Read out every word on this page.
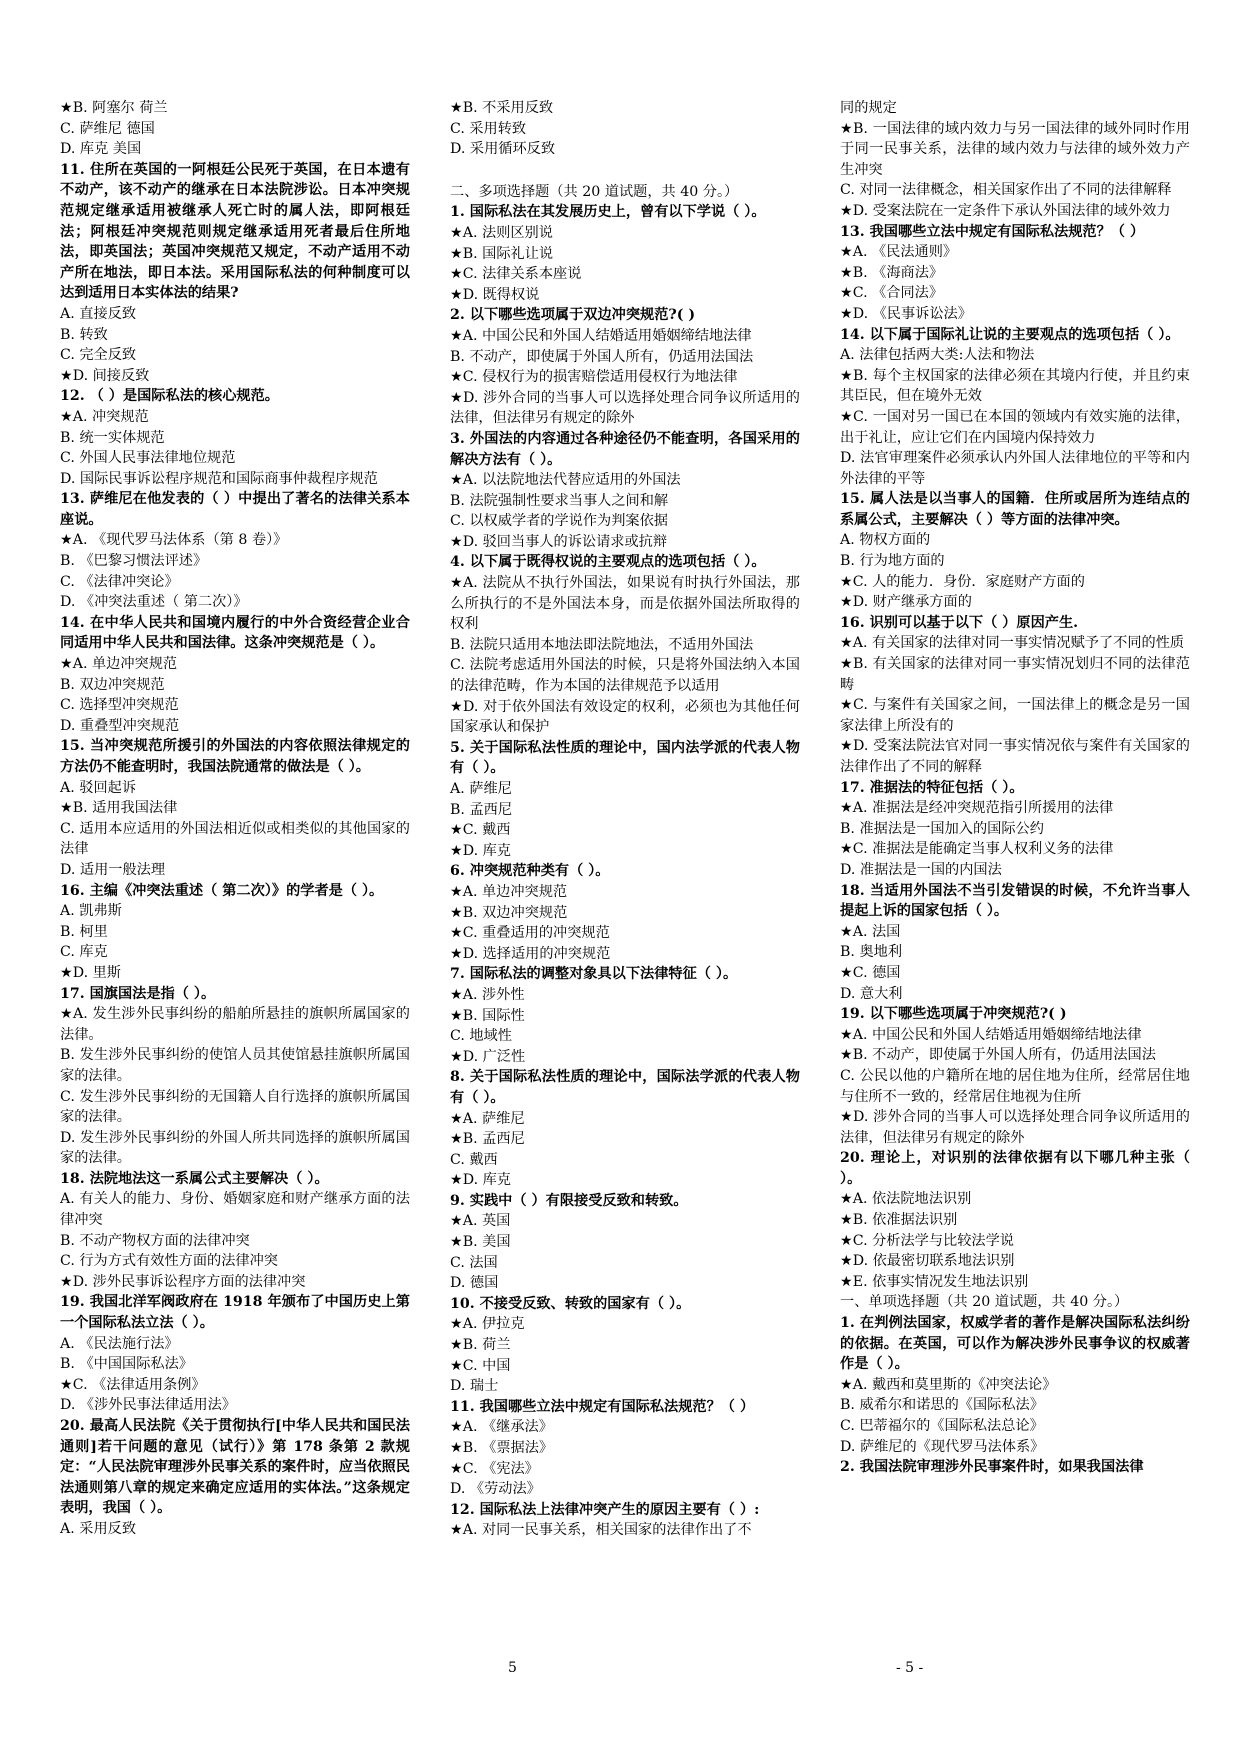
★B. 阿塞尔 荷兰
C. 萨维尼 德国
D. 库克 美国
11. 住所在英国的一阿根廷公民死于英国，在日本遗有不动产，该不动产的继承在日本法院涉讼。日本冲突规范规定继承适用被继承人死亡时的属人法，即阿根廷法；阿根廷冲突规范则规定继承适用死者最后住所地法，即英国法；英国冲突规范又规定，不动产适用不动产所在地法，即日本法。采用国际私法的何种制度可以达到适用日本实体法的结果?
A. 直接反致
B. 转致
C. 完全反致
★D. 间接反致
12. （ ）是国际私法的核心规范。
★A. 冲突规范
B. 统一实体规范
C. 外国人民事法律地位规范
D. 国际民事诉讼程序规范和国际商事仲裁程序规范
13. 萨维尼在他发表的（ ）中提出了著名的法律关系本座说。
★A. 《现代罗马法体系（第 8 卷）》
B. 《巴黎习惯法评述》
C. 《法律冲突论》
D. 《冲突法重述（ 第二次）》
14. 在中华人民共和国境内履行的中外合资经营企业合同适用中华人民共和国法律。这条冲突规范是（ ）。
★A. 单边冲突规范
B. 双边冲突规范
C. 选择型冲突规范
D. 重叠型冲突规范
15. 当冲突规范所援引的外国法的内容依照法律规定的方法仍不能查明时，我国法院通常的做法是（ ）。
A. 驳回起诉
★B. 适用我国法律
C. 适用本应适用的外国法相近似或相类似的其他国家的法律
D. 适用一般法理
16. 主编《冲突法重述（ 第二次）》的学者是（ ）。
A. 凯弗斯
B. 柯里
C. 库克
★D. 里斯
17. 国旗国法是指（ ）。
★A. 发生涉外民事纠纷的船舶所悬挂的旗帜所属国家的法律。
B. 发生涉外民事纠纷的使馆人员其使馆悬挂旗帜所属国家的法律。
C. 发生涉外民事纠纷的无国籍人自行选择的旗帜所属国家的法律。
D. 发生涉外民事纠纷的外国人所共同选择的旗帜所属国家的法律。
18. 法院地法这一系属公式主要解决（ ）。
A. 有关人的能力、身份、婚姻家庭和财产继承方面的法律冲突
B. 不动产物权方面的法律冲突
C. 行为方式有效性方面的法律冲突
★D. 涉外民事诉讼程序方面的法律冲突
19. 我国北洋军阀政府在 1918 年颁布了中国历史上第一个国际私法立法（ ）。
A. 《民法施行法》
B. 《中国国际私法》
★C. 《法律适用条例》
D. 《涉外民事法律适用法》
20. 最高人民法院《关于贯彻执行[中华人民共和国民法通则]若干问题的意见（试行）》第 178 条第 2 款规定：“人民法院审理涉外民事关系的案件时，应当依照民法通则第八章的规定来确定应适用的实体法。”这条规定表明，我国（ ）。
A. 采用反致
★B. 不采用反致
C. 采用转致
D. 采用循环反致
二、多项选择题（共 20 道试题，共 40 分。）
1. 国际私法在其发展历史上，曾有以下学说（ ）。
★A. 法则区别说
★B. 国际礼让说
★C. 法律关系本座说
★D. 既得权说
2. 以下哪些选项属于双边冲突规范?( )
★A. 中国公民和外国人结婚适用婚姻缔结地法律
B. 不动产，即使属于外国人所有，仍适用法国法
★C. 侵权行为的损害赔偿适用侵权行为地法律
★D. 涉外合同的当事人可以选择处理合同争议所适用的法律，但法律另有规定的除外
3. 外国法的内容通过各种途径仍不能查明，各国采用的解决方法有（ ）。
★A. 以法院地法代替应适用的外国法
B. 法院强制性要求当事人之间和解
C. 以权威学者的学说作为判案依据
★D. 驳回当事人的诉讼请求或抗辩
4. 以下属于既得权说的主要观点的选项包括（ ）。
★A. 法院从不执行外国法，如果说有时执行外国法，那么所执行的不是外国法本身，而是依据外国法所取得的权利
B. 法院只适用本地法即法院地法，不适用外国法
C. 法院考虑适用外国法的时候，只是将外国法纳入本国的法律范畴，作为本国的法律规范予以适用
★D. 对于依外国法有效设定的权利，必须也为其他任何国家承认和保护
5. 关于国际私法性质的理论中，国内法学派的代表人物有（ ）。
A. 萨维尼
B. 孟西尼
★C. 戴西
★D. 库克
6. 冲突规范种类有（ ）。
★A. 单边冲突规范
★B. 双边冲突规范
★C. 重叠适用的冲突规范
★D. 选择适用的冲突规范
7. 国际私法的调整对象具以下法律特征（ ）。
★A. 涉外性
★B. 国际性
C. 地域性
★D. 广泛性
8. 关于国际私法性质的理论中，国际法学派的代表人物有（ ）。
★A. 萨维尼
★B. 孟西尼
C. 戴西
★D. 库克
9. 实践中（ ）有限接受反致和转致。
★A. 英国
★B. 美国
C. 法国
D. 德国
10. 不接受反致、转致的国家有（ ）。
★A. 伊拉克
★B. 荷兰
★C. 中国
D. 瑞士
11. 我国哪些立法中规定有国际私法规范？（ ）
★A. 《继承法》
★B. 《票据法》
★C. 《宪法》
D. 《劳动法》
12. 国际私法上法律冲突产生的原因主要有（ ）:
★A. 对同一民事关系，相关国家的法律作出了不
同的规定
★B. 一国法律的域内效力与另一国法律的域外同时作用于同一民事关系，法律的域内效力与法律的域外效力产生冲突
C. 对同一法律概念，相关国家作出了不同的法律解释
★D. 受案法院在一定条件下承认外国法律的域外效力
13. 我国哪些立法中规定有国际私法规范？（ ）
★A. 《民法通则》
★B. 《海商法》
★C. 《合同法》
★D. 《民事诉讼法》
14. 以下属于国际礼让说的主要观点的选项包括（ ）。
A. 法律包括两大类:人法和物法
★B. 每个主权国家的法律必须在其境内行使，并且约束其臣民，但在境外无效
★C. 一国对另一国已在本国的领域内有效实施的法律，出于礼让，应让它们在内国境内保持效力
D. 法官审理案件必须承认内外国人法律地位的平等和内外法律的平等
15. 属人法是以当事人的国籍．住所或居所为连结点的系属公式，主要解决（ ）等方面的法律冲突。
A. 物权方面的
B. 行为地方面的
★C. 人的能力．身份．家庭财产方面的
★D. 财产继承方面的
16. 识别可以基于以下（ ）原因产生.
★A. 有关国家的法律对同一事实情况赋予了不同的性质
★B. 有关国家的法律对同一事实情况划归不同的法律范畴
★C. 与案件有关国家之间，一国法律上的概念是另一国家法律上所没有的
★D. 受案法院法官对同一事实情况依与案件有关国家的法律作出了不同的解释
17. 准据法的特征包括（ ）。
★A. 准据法是经冲突规范指引所援用的法律
B. 准据法是一国加入的国际公约
★C. 准据法是能确定当事人权利义务的法律
D. 准据法是一国的内国法
18. 当适用外国法不当引发错误的时候，不允许当事人提起上诉的国家包括（ ）。
★A. 法国
B. 奥地利
★C. 德国
D. 意大利
19. 以下哪些选项属于冲突规范?( )
★A. 中国公民和外国人结婚适用婚姻缔结地法律
★B. 不动产，即使属于外国人所有，仍适用法国法
C. 公民以他的户籍所在地的居住地为住所，经常居住地与住所不一致的，经常居住地视为住所
★D. 涉外合同的当事人可以选择处理合同争议所适用的法律，但法律另有规定的除外
20. 理论上，对识别的法律依据有以下哪几种主张（ ）。
★A. 依法院地法识别
★B. 依准据法识别
★C. 分析法学与比较法学说
★D. 依最密切联系地法识别
★E. 依事实情况发生地法识别
一、单项选择题（共 20 道试题，共 40 分。）
1. 在判例法国家，权威学者的著作是解决国际私法纠纷的依据。在英国，可以作为解决涉外民事争议的权威著作是（ ）。
★A. 戴西和莫里斯的《冲突法论》
B. 威希尔和诺思的《国际私法》
C. 巴蒂福尔的《国际私法总论》
D. 萨维尼的《现代罗马法体系》
2. 我国法院审理涉外民事案件时，如果我国法律
5	- 5 -
